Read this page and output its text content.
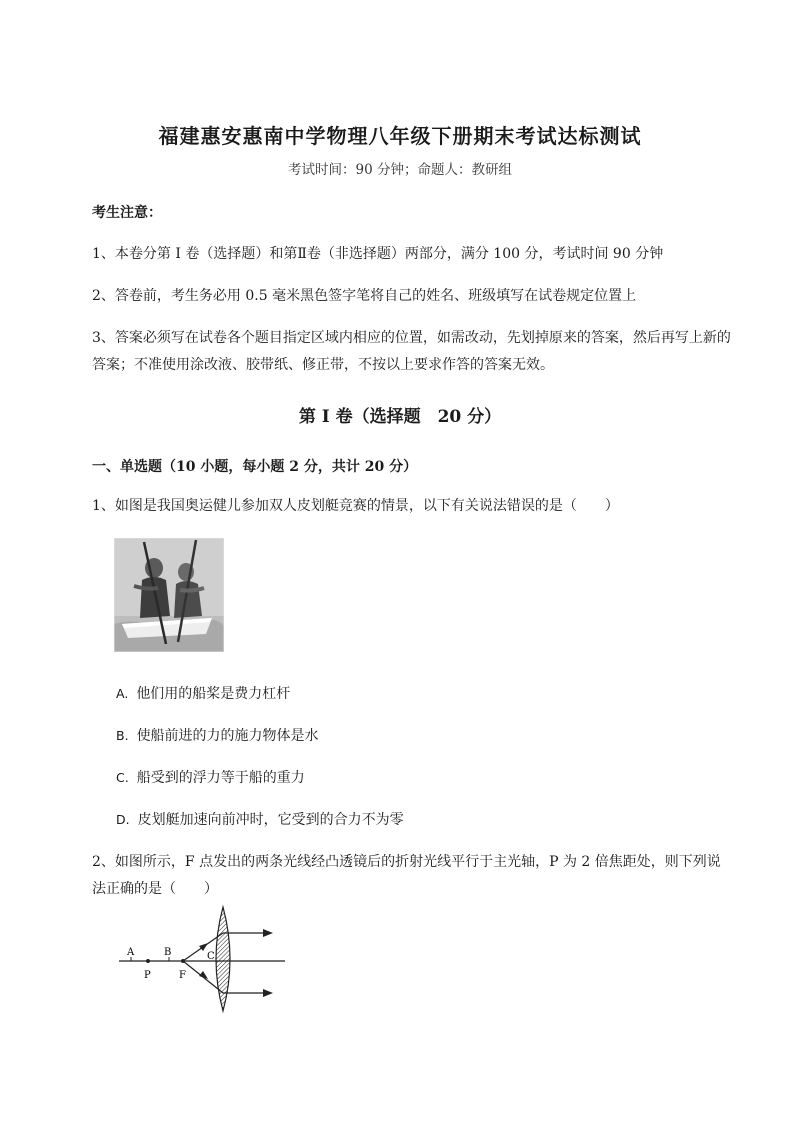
福建惠安惠南中学物理八年级下册期末考试达标测试
考试时间：90 分钟；命题人：教研组
考生注意：
1、本卷分第 I 卷（选择题）和第Ⅱ卷（非选择题）两部分，满分 100 分，考试时间 90 分钟
2、答卷前，考生务必用 0.5 毫米黑色签字笔将自己的姓名、班级填写在试卷规定位置上
3、答案必须写在试卷各个题目指定区域内相应的位置，如需改动，先划掉原来的答案，然后再写上新的答案；不准使用涂改液、胶带纸、修正带，不按以上要求作答的答案无效。
第 I 卷（选择题　20 分）
一、单选题（10 小题，每小题 2 分，共计 20 分）
1、如图是我国奥运健儿参加双人皮划艇竞赛的情景，以下有关说法错误的是（　　）
A. 他们用的船桨是费力杠杆
B. 使船前进的力的施力物体是水
C. 船受到的浮力等于船的重力
D. 皮划艇加速向前冲时，它受到的合力不为零
2、如图所示，F 点发出的两条光线经凸透镜后的折射光线平行于主光轴，P 为 2 倍焦距处，则下列说法正确的是（　　）
A	B	C
P	F
